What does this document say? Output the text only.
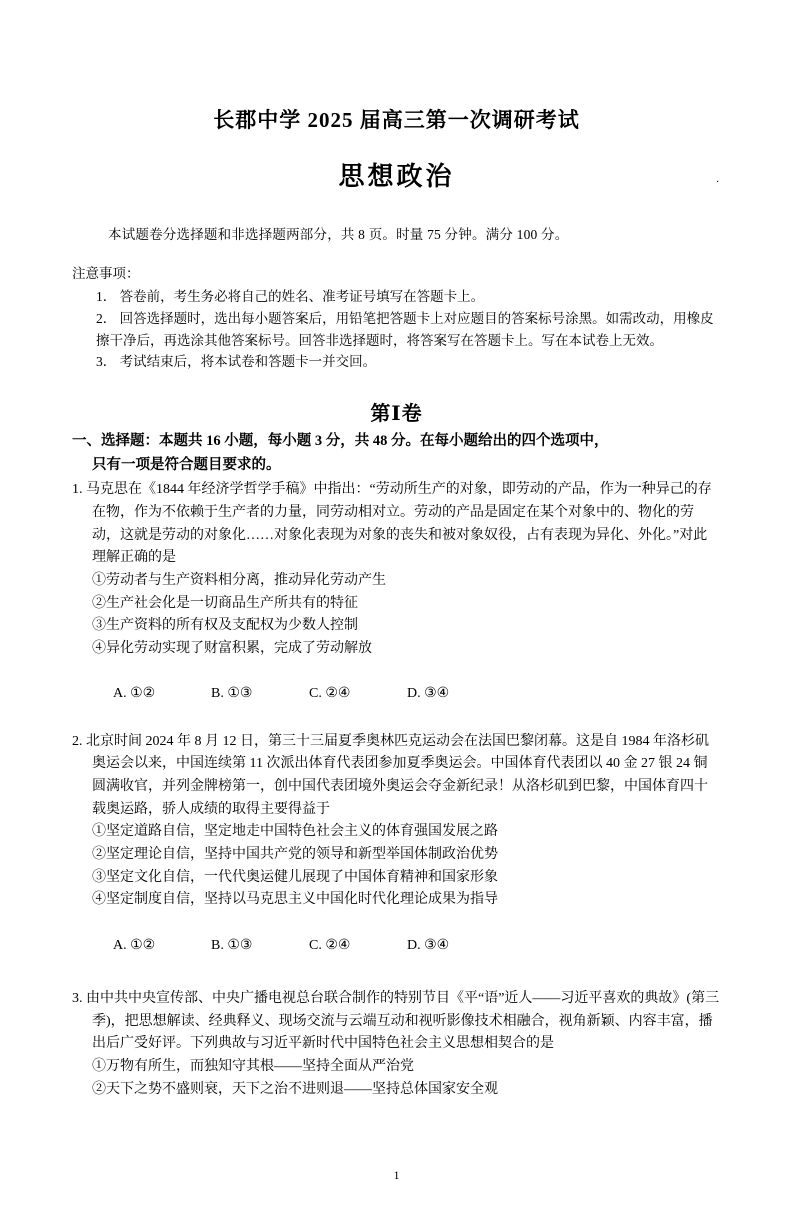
.
长郡中学 2025 届高三第一次调研考试
思想政治
本试题卷分选择题和非选择题两部分，共 8 页。时量 75 分钟。满分 100 分。
注意事项：
1． 答卷前，考生务必将自己的姓名、准考证号填写在答题卡上。
2． 回答选择题时，选出每小题答案后，用铅笔把答题卡上对应题目的答案标号涂黑。如需改动，用橡皮擦干净后，再选涂其他答案标号。回答非选择题时，将答案写在答题卡上。写在本试卷上无效。
3． 考试结束后，将本试卷和答题卡一并交回。
第Ⅰ卷
一、选择题：本题共 16 小题，每小题 3 分，共 48 分。在每小题给出的四个选项中，
只有一项是符合题目要求的。
1. 马克思在《1844 年经济学哲学手稿》中指出：“劳动所生产的对象，即劳动的产品，作为一种异己的存在物，作为不依赖于生产者的力量，同劳动相对立。劳动的产品是固定在某个对象中的、物化的劳动，这就是劳动的对象化……对象化表现为对象的丧失和被对象奴役，占有表现为异化、外化。”对此理解正确的是
①劳动者与生产资料相分离，推动异化劳动产生
②生产社会化是一切商品生产所共有的特征
③生产资料的所有权及支配权为少数人控制
④异化劳动实现了财富积累，完成了劳动解放

A. ①②	B. ①③	C. ②④	D. ③④

2. 北京时间 2024 年 8 月 12 日，第三十三届夏季奥林匹克运动会在法国巴黎闭幕。这是自 1984 年洛杉矶奥运会以来，中国连续第 11 次派出体育代表团参加夏季奥运会。中国体育代表团以 40 金 27 银 24 铜圆满收官，并列金牌榜第一，创中国代表团境外奥运会夺金新纪录！从洛杉矶到巴黎，中国体育四十载奥运路，骄人成绩的取得主要得益于
①坚定道路自信，坚定地走中国特色社会主义的体育强国发展之路
②坚定理论自信，坚持中国共产党的领导和新型举国体制政治优势
③坚定文化自信，一代代奥运健儿展现了中国体育精神和国家形象
④坚定制度自信，坚持以马克思主义中国化时代化理论成果为指导

A. ①②	B. ①③	C. ②④	D. ③④

3. 由中共中央宣传部、中央广播电视总台联合制作的特别节目《平“语”近人——习近平喜欢的典故》(第三季)，把思想解读、经典释义、现场交流与云端互动和视听影像技术相融合，视角新颖、内容丰富，播出后广受好评。下列典故与习近平新时代中国特色社会主义思想相契合的是
①万物有所生，而独知守其根——坚持全面从严治党
②天下之势不盛则衰，天下之治不进则退——坚持总体国家安全观
1
